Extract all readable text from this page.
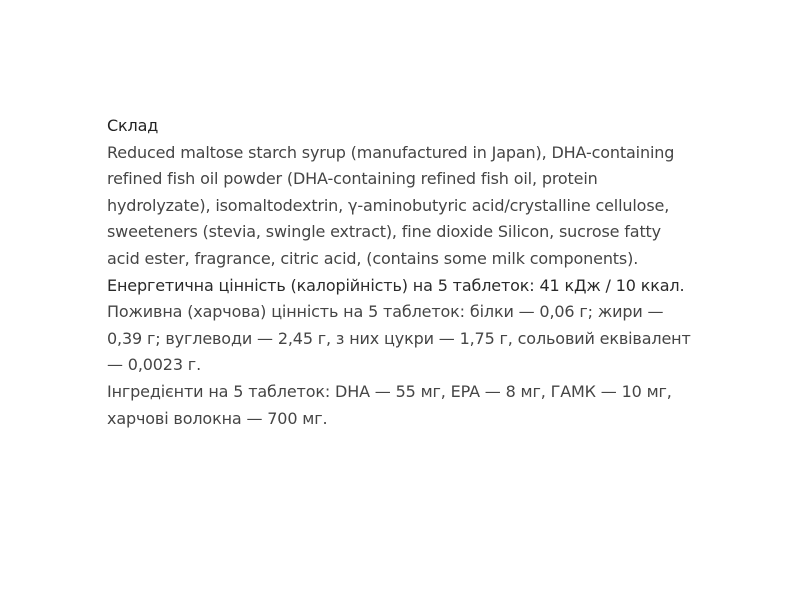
Склад

Reduced maltose starch syrup (manufactured in Japan), DHA-containing refined fish oil powder (DHA-containing refined fish oil, protein hydrolyzate), isomaltodextrin, γ-aminobutyric acid/crystalline cellulose, sweeteners (stevia, swingle extract), fine dioxide Silicon, sucrose fatty acid ester, fragrance, citric acid, (contains some milk components).

Енергетична цінність (калорійність) на 5 таблеток: 41 кДж / 10 ккал.

Поживна (харчова) цінність на 5 таблеток: білки — 0,06 г; жири — 0,39 г; вуглеводи — 2,45 г, з них цукри — 1,75 г, сольовий еквівалент — 0,0023 г.

Інгредієнти на 5 таблеток: DHA — 55 мг, EPA — 8 мг, ГАМК — 10 мг, харчові волокна — 700 мг.
